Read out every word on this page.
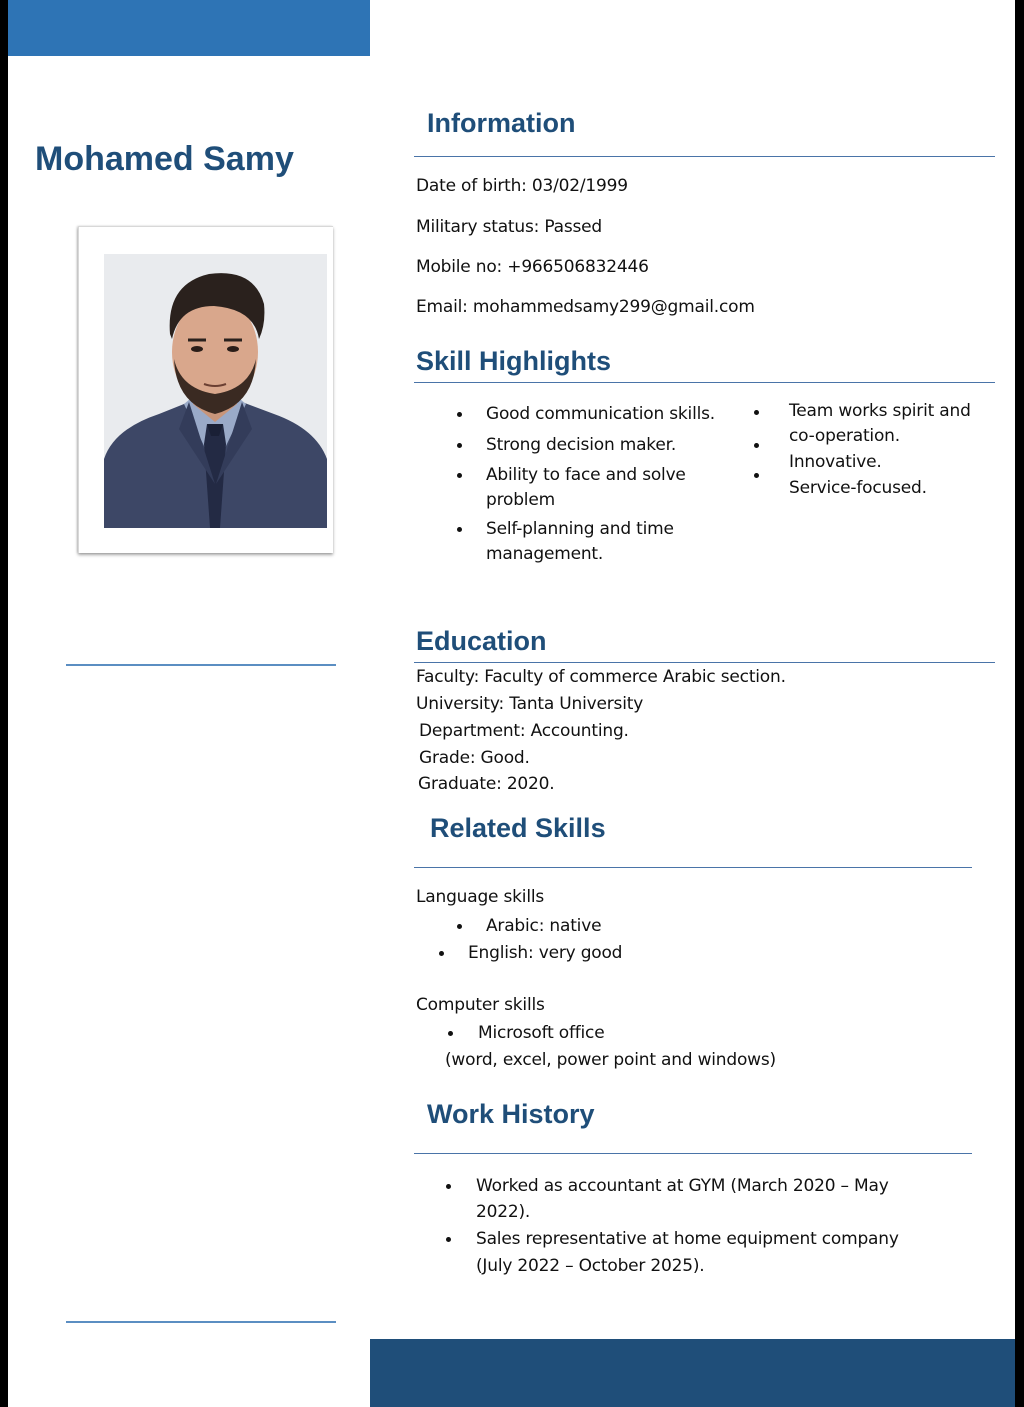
Mohamed Samy
Information

Date of birth: 03/02/1999

Military status: Passed

Mobile no: +966506832446

Email: mohammedsamy299@gmail.com

Skill Highlights

Good communication skills.

Strong decision maker.

Ability to face and solve

problem

Self-planning and time

management.

Team works spirit and

co-operation.

Innovative.

Service-focused.

Education

Faculty: Faculty of commerce Arabic section.

University: Tanta University

Department: Accounting.

Grade: Good.

Graduate: 2020.

Related Skills

Language skills

Arabic: native

English: very good

Computer skills

Microsoft office

(word, excel, power point and windows)

Work History

Worked as accountant at GYM (March 2020 – May

2022).

Sales representative at home equipment company

(July 2022 – October 2025).
